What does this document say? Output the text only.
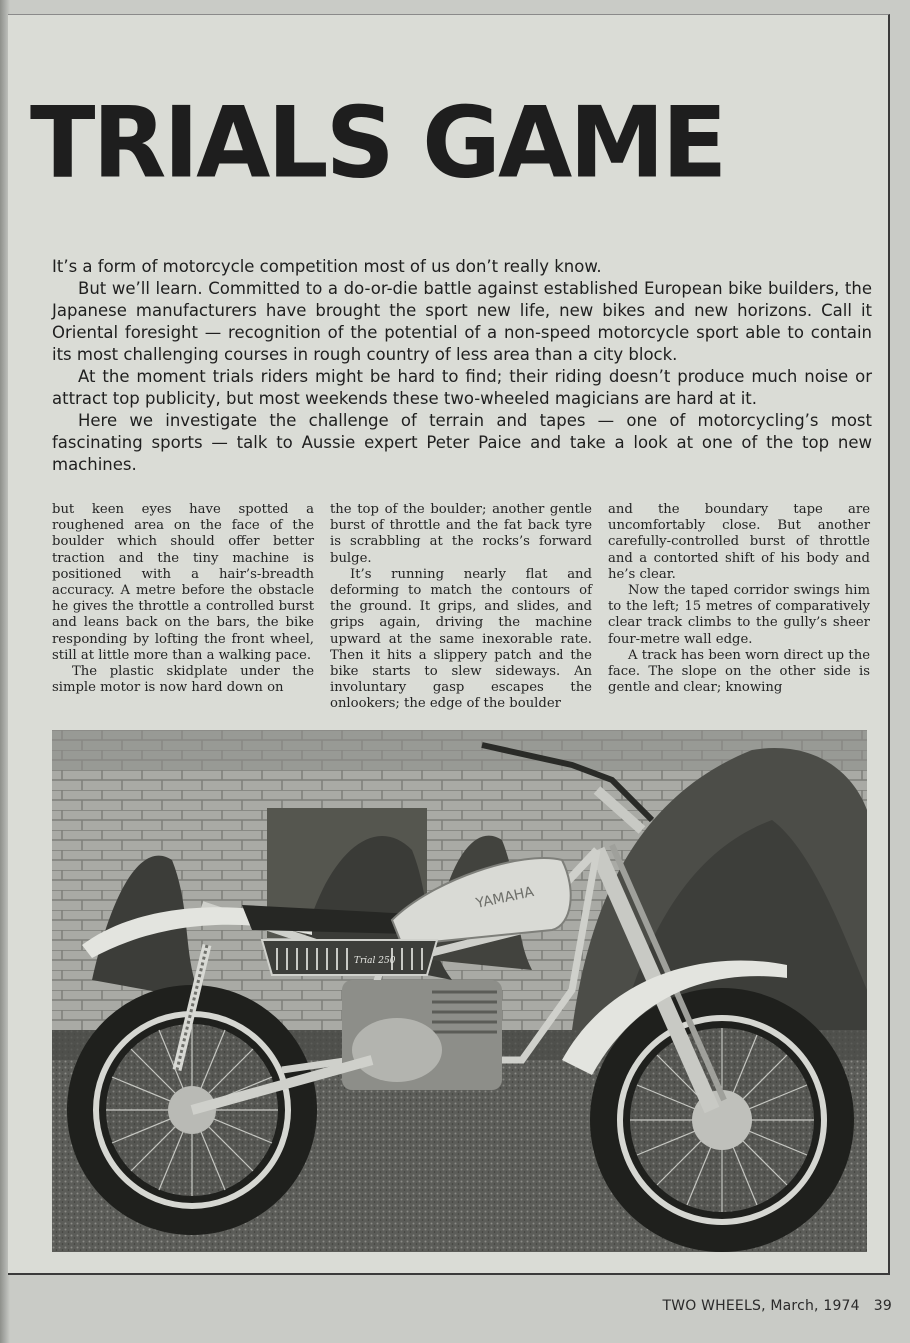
TRIALS GAME

It’s a form of motorcycle competition most of us don’t really know.

But we’ll learn. Committed to a do-or-die battle against established European bike builders, the Japanese manufacturers have brought the sport new life, new bikes and new horizons. Call it Oriental foresight — recognition of the potential of a non-speed motorcycle sport able to contain its most challenging courses in rough country of less area than a city block.

At the moment trials riders might be hard to find; their riding doesn’t produce much noise or attract top publicity, but most weekends these two-wheeled magicians are hard at it.

Here we investigate the challenge of terrain and tapes — one of motorcycling’s most fascinating sports — talk to Aussie expert Peter Paice and take a look at one of the top new machines.

but keen eyes have spotted a roughened area on the face of the boulder which should offer better traction and the tiny machine is positioned with a hair’s-breadth accuracy. A metre before the obstacle he gives the throttle a controlled burst and leans back on the bars, the bike responding by lofting the front wheel, still at little more than a walking pace.

The plastic skidplate under the simple motor is now hard down on

the top of the boulder; another gentle burst of throttle and the fat back tyre is scrabbling at the rocks’s forward bulge.

It’s running nearly flat and deforming to match the contours of the ground. It grips, and slides, and grips again, driving the machine upward at the same inexorable rate. Then it hits a slippery patch and the bike starts to slew sideways. An involuntary gasp escapes the onlookers; the edge of the boulder

and the boundary tape are uncomfortably close. But another carefully-controlled burst of throttle and a contorted shift of his body and he’s clear.

Now the taped corridor swings him to the left; 15 metres of comparatively clear track climbs to the gully’s sheer four-metre wall edge.

A track has been worn direct up the face. The slope on the other side is gentle and clear; knowing

YAMAHA
Trial 250
TWO WHEELS, March, 1974 39
